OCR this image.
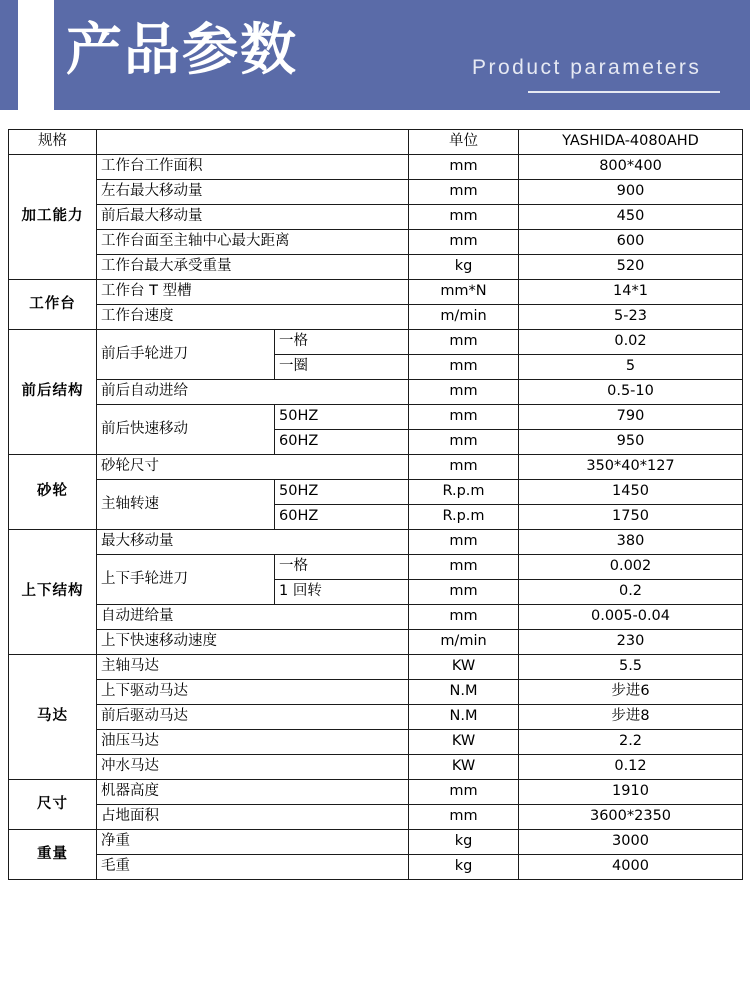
产品参数	Product parameters
规格			单位	YASHIDA-4080AHD
加工能力	工作台工作面积		mm	800*400
	左右最大移动量		mm	900
	前后最大移动量		mm	450
	工作台面至主轴中心最大距离		mm	600
	工作台最大承受重量		kg	520
工作台	工作台 T 型槽		mm*N	14*1
	工作台速度		m/min	5-23
前后结构	前后手轮进刀	一格	mm	0.02
		一圈	mm	5
	前后自动进给		mm	0.5-10
	前后快速移动	50HZ	mm	790
		60HZ	mm	950
砂轮	砂轮尺寸		mm	350*40*127
	主轴转速	50HZ	R.p.m	1450
		60HZ	R.p.m	1750
上下结构	最大移动量		mm	380
	上下手轮进刀	一格	mm	0.002
		1 回转	mm	0.2
	自动进给量		mm	0.005-0.04
	上下快速移动速度		m/min	230
马达	主轴马达		KW	5.5
	上下驱动马达		N.M	步进6
	前后驱动马达		N.M	步进8
	油压马达		KW	2.2
	冲水马达		KW	0.12
尺寸	机器高度		mm	1910
	占地面积		mm	3600*2350
重量	净重		kg	3000
	毛重		kg	4000
